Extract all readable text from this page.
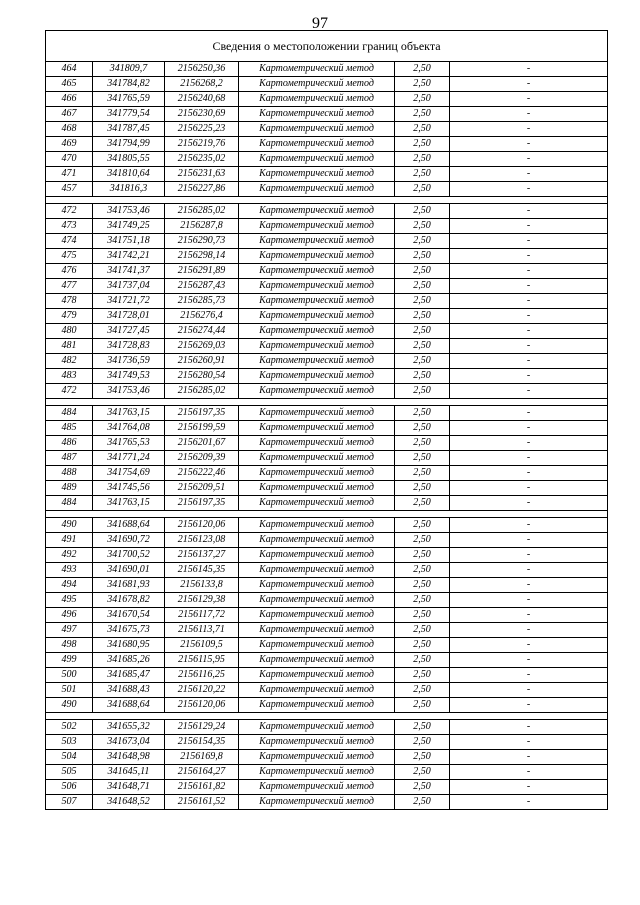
97
Сведения о местоположении границ объекта					
464	341809,7	2156250,36	Картометрический метод	2,50	-
465	341784,82	2156268,2	Картометрический метод	2,50	-
466	341765,59	2156240,68	Картометрический метод	2,50	-
467	341779,54	2156230,69	Картометрический метод	2,50	-
468	341787,45	2156225,23	Картометрический метод	2,50	-
469	341794,99	2156219,76	Картометрический метод	2,50	-
470	341805,55	2156235,02	Картометрический метод	2,50	-
471	341810,64	2156231,63	Картометрический метод	2,50	-
457	341816,3	2156227,86	Картометрический метод	2,50	-

472	341753,46	2156285,02	Картометрический метод	2,50	-
473	341749,25	2156287,8	Картометрический метод	2,50	-
474	341751,18	2156290,73	Картометрический метод	2,50	-
475	341742,21	2156298,14	Картометрический метод	2,50	-
476	341741,37	2156291,89	Картометрический метод	2,50	-
477	341737,04	2156287,43	Картометрический метод	2,50	-
478	341721,72	2156285,73	Картометрический метод	2,50	-
479	341728,01	2156276,4	Картометрический метод	2,50	-
480	341727,45	2156274,44	Картометрический метод	2,50	-
481	341728,83	2156269,03	Картометрический метод	2,50	-
482	341736,59	2156260,91	Картометрический метод	2,50	-
483	341749,53	2156280,54	Картометрический метод	2,50	-
472	341753,46	2156285,02	Картометрический метод	2,50	-

484	341763,15	2156197,35	Картометрический метод	2,50	-
485	341764,08	2156199,59	Картометрический метод	2,50	-
486	341765,53	2156201,67	Картометрический метод	2,50	-
487	341771,24	2156209,39	Картометрический метод	2,50	-
488	341754,69	2156222,46	Картометрический метод	2,50	-
489	341745,56	2156209,51	Картометрический метод	2,50	-
484	341763,15	2156197,35	Картометрический метод	2,50	-

490	341688,64	2156120,06	Картометрический метод	2,50	-
491	341690,72	2156123,08	Картометрический метод	2,50	-
492	341700,52	2156137,27	Картометрический метод	2,50	-
493	341690,01	2156145,35	Картометрический метод	2,50	-
494	341681,93	2156133,8	Картометрический метод	2,50	-
495	341678,82	2156129,38	Картометрический метод	2,50	-
496	341670,54	2156117,72	Картометрический метод	2,50	-
497	341675,73	2156113,71	Картометрический метод	2,50	-
498	341680,95	2156109,5	Картометрический метод	2,50	-
499	341685,26	2156115,95	Картометрический метод	2,50	-
500	341685,47	2156116,25	Картометрический метод	2,50	-
501	341688,43	2156120,22	Картометрический метод	2,50	-
490	341688,64	2156120,06	Картометрический метод	2,50	-

502	341655,32	2156129,24	Картометрический метод	2,50	-
503	341673,04	2156154,35	Картометрический метод	2,50	-
504	341648,98	2156169,8	Картометрический метод	2,50	-
505	341645,11	2156164,27	Картометрический метод	2,50	-
506	341648,71	2156161,82	Картометрический метод	2,50	-
507	341648,52	2156161,52	Картометрический метод	2,50	-
